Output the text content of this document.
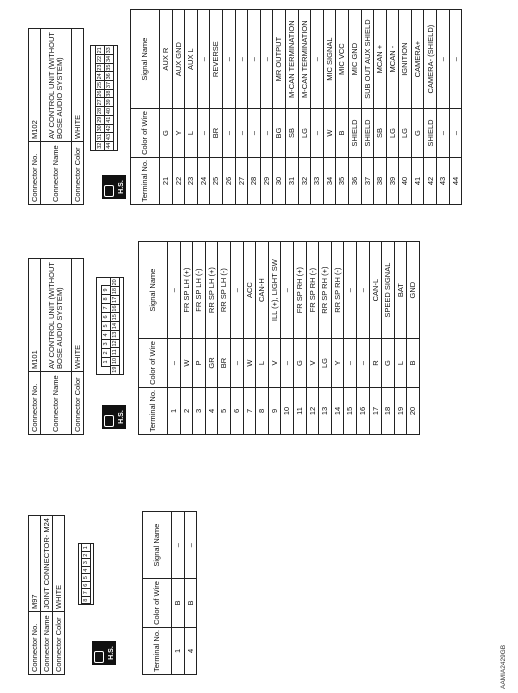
Connector No.	M97
Connector Name	JOINT CONNECTOR- M24
Connector Color	WHITE
H.S.
8
7
6
5
4
3
2
1
Terminal No.	Color of Wire	Signal Name
1	B	–
4	B	–
Connector No.	M101
Connector Name	AV CONTROL UNIT (WITHOUT BOSE AUDIO SYSTEM)
Connector Color	WHITE
H.S.
1
2
3
4
5
6
7
8
9
19
10
11
12
13
14
15
16
17
18
20
Terminal No.	Color of Wire	Signal Name
1	–	–
2	W	FR SP LH (+)
3	P	FR SP LH (-)
4	GR	RR SP LH (+)
5	BR	RR SP LH (-)
6	–	–
7	W	ACC
8	L	CAN-H
9	V	ILL (+), LIGHT SW
10	–	–
11	G	FR SP RH (+)
12	V	FR SP RH (-)
13	LG	RR SP RH (+)
14	Y	RR SP RH (-)
15	–	–
16	–	–
17	R	CAN-L
18	G	SPEED SIGNAL
19	L	BAT
20	B	GND
Connector No.	M102
Connector Name	AV CONTROL UNIT (WITHOUT BOSE AUDIO SYSTEM)
Connector Color	WHITE
H.S.
32
31
30
29
28
27
26
25
24
23
22
21
44
43
42
41
40
39
38
37
36
35
34
33
Terminal No.	Color of Wire	Signal Name
21	G	AUX R
22	Y	AUX GND
23	L	AUX L
24	–	–
25	BR	REVERSE
26	–	–
27	–	–
28	–	–
29	–	–
30	BG	MR OUTPUT
31	SB	M-CAN TERMINATION
32	LG	M-CAN TERMINATION
33	–	–
34	W	MIC SIGNAL
35	B	MIC VCC
36	SHIELD	MIC GND
37	SHIELD	SUB OUT AUX SHIELD
38	SB	MCAN +
39	LG	MCAN -
40	LG	IGNITION
41	G	CAMERA+
42	SHIELD	CAMERA- (SHIELD)
43	–	–
44	–	–
AAMIA2429GB
